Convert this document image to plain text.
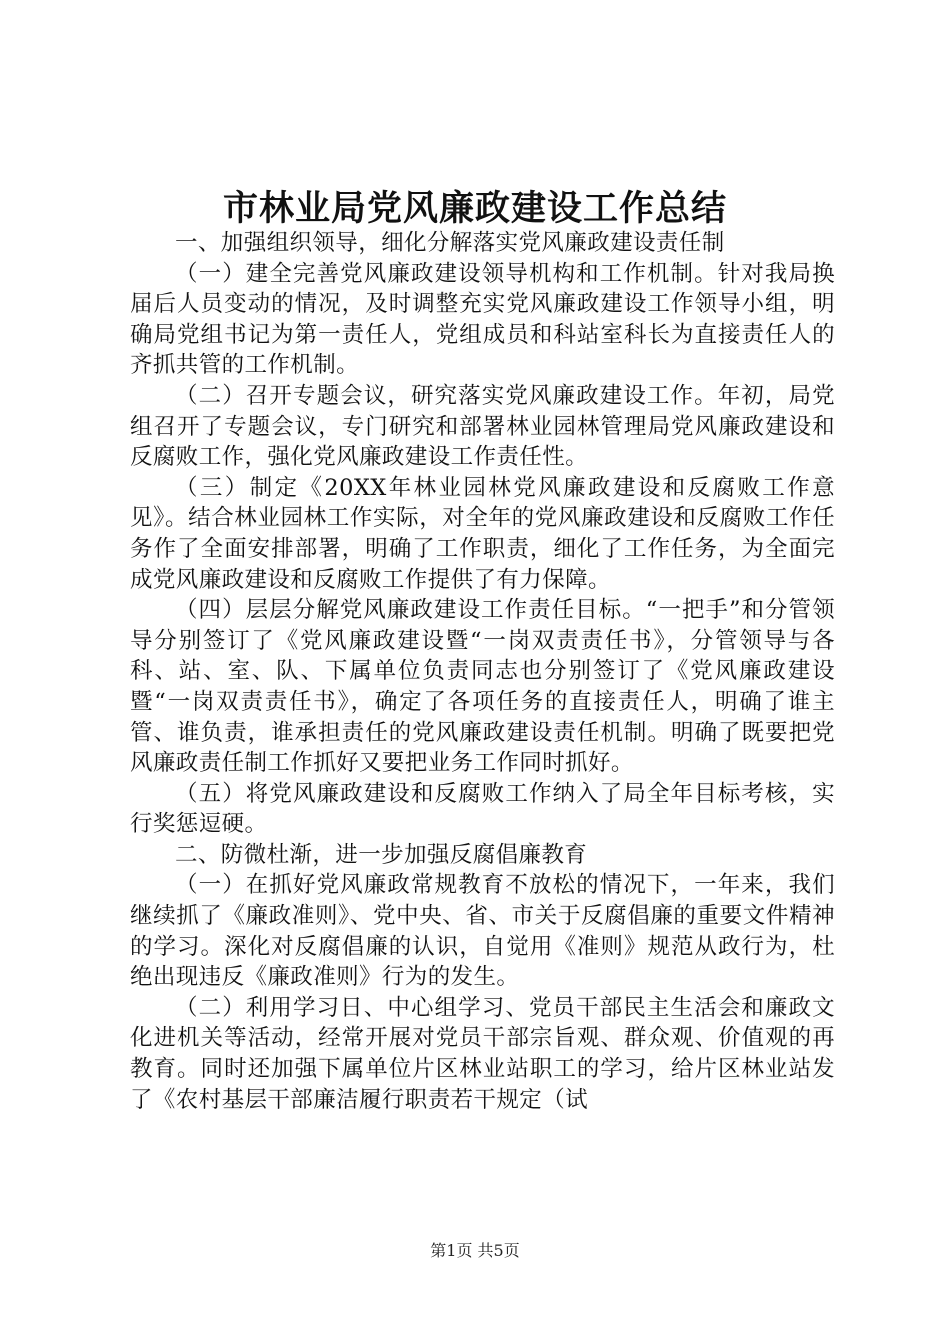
市林业局党风廉政建设工作总结

一、加强组织领导，细化分解落实党风廉政建设责任制

（一）建全完善党风廉政建设领导机构和工作机制。针对我局换届后人员变动的情况，及时调整充实党风廉政建设工作领导小组，明确局党组书记为第一责任人，党组成员和科站室科长为直接责任人的齐抓共管的工作机制。

（二）召开专题会议，研究落实党风廉政建设工作。年初，局党组召开了专题会议，专门研究和部署林业园林管理局党风廉政建设和反腐败工作，强化党风廉政建设工作责任性。

（三）制定《20XX年林业园林党风廉政建设和反腐败工作意见》。结合林业园林工作实际，对全年的党风廉政建设和反腐败工作任务作了全面安排部署，明确了工作职责，细化了工作任务，为全面完成党风廉政建设和反腐败工作提供了有力保障。

（四）层层分解党风廉政建设工作责任目标。“一把手”和分管领导分别签订了《党风廉政建设暨“一岗双责责任书》，分管领导与各科、站、室、队、下属单位负责同志也分别签订了《党风廉政建设暨“一岗双责责任书》，确定了各项任务的直接责任人，明确了谁主管、谁负责，谁承担责任的党风廉政建设责任机制。明确了既要把党风廉政责任制工作抓好又要把业务工作同时抓好。

（五）将党风廉政建设和反腐败工作纳入了局全年目标考核，实行奖惩逗硬。

二、防微杜渐，进一步加强反腐倡廉教育

（一）在抓好党风廉政常规教育不放松的情况下，一年来，我们继续抓了《廉政准则》、党中央、省、市关于反腐倡廉的重要文件精神的学习。深化对反腐倡廉的认识，自觉用《准则》规范从政行为，杜绝出现违反《廉政准则》行为的发生。

（二）利用学习日、中心组学习、党员干部民主生活会和廉政文化进机关等活动，经常开展对党员干部宗旨观、群众观、价值观的再教育。同时还加强下属单位片区林业站职工的学习，给片区林业站发了《农村基层干部廉洁履行职责若干规定（试

第1页 共5页
